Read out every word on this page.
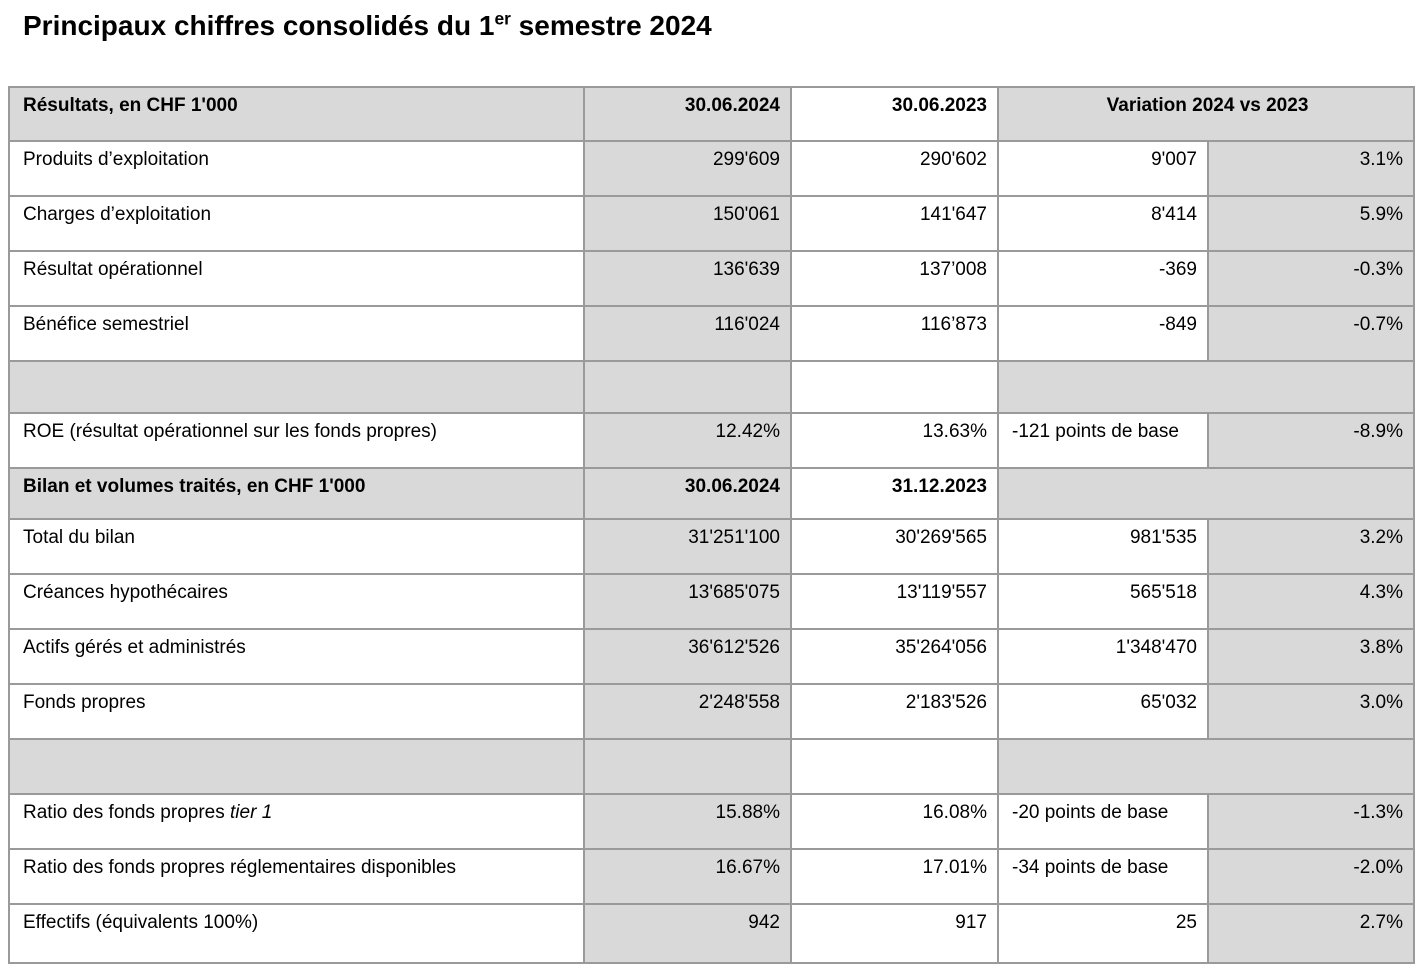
Principaux chiffres consolidés du 1er semestre 2024
Résultats, en CHF 1'000	30.06.2024	30.06.2023	Variation 2024 vs 2023	
Produits d’exploitation	299'609	290'602	9'007	3.1%
Charges d’exploitation	150'061	141'647	8'414	5.9%
Résultat opérationnel	136'639	137’008	-369	-0.3%
Bénéfice semestriel	116'024	116’873	-849	-0.7%

ROE (résultat opérationnel sur les fonds propres)	12.42%	13.63%	-121 points de base	-8.9%
Bilan et volumes traités, en CHF 1'000	30.06.2024	31.12.2023		
Total du bilan	31'251'100	30'269'565	981'535	3.2%
Créances hypothécaires	13'685'075	13'119'557	565'518	4.3%
Actifs gérés et administrés	36'612'526	35'264'056	1'348'470	3.8%
Fonds propres	2'248'558	2'183'526	65'032	3.0%

Ratio des fonds propres tier 1	15.88%	16.08%	-20 points de base	-1.3%
Ratio des fonds propres réglementaires disponibles	16.67%	17.01%	-34 points de base	-2.0%
Effectifs (équivalents 100%)	942	917	25	2.7%
